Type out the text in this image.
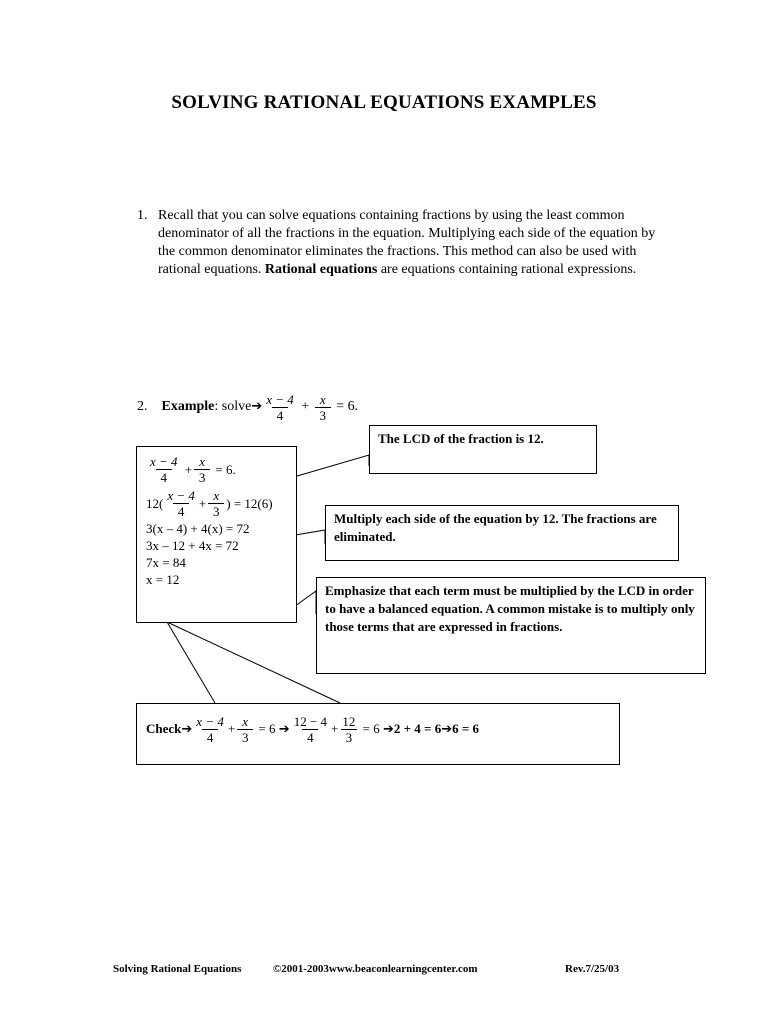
SOLVING RATIONAL EQUATIONS EXAMPLES
1. Recall that you can solve equations containing fractions by using the least common denominator of all the fractions in the equation. Multiplying each side of the equation by the common denominator eliminates the fractions. This method can also be used with rational equations. Rational equations are equations containing rational expressions.
2.
Example : solve ➔ $\frac{x - 4}{4}$
+
$\frac{x}{3}$
= 6.
$\frac{x - 4}{4}$
+ $\frac{x}{3}$
= 6.
$12( \frac{x - 4}{4} + \frac{x}{3}$ ) = 12(6)
3(x – 4) + 4(x) = 72
3x – 12 + 4x = 72
7x = 84
x = 12
The LCD of the fraction is 12.
Multiply each side of the equation by 12. The fractions are eliminated.
Emphasize that each term must be multiplied by the LCD in order to have a balanced equation. A common mistake is to multiply only those terms that are expressed in fractions.
Check ➔ $\frac{x - 4}{4} + \frac{x}{3}$
= 6
➔ $\frac{12 - 4}{4} + \frac{12}{3}$
= 6
➔ 2 + 4 = 6 ➔ 6 = 6
Solving Rational Equations	©2001-2003www.beaconlearningcenter.com	Rev.7/25/03
